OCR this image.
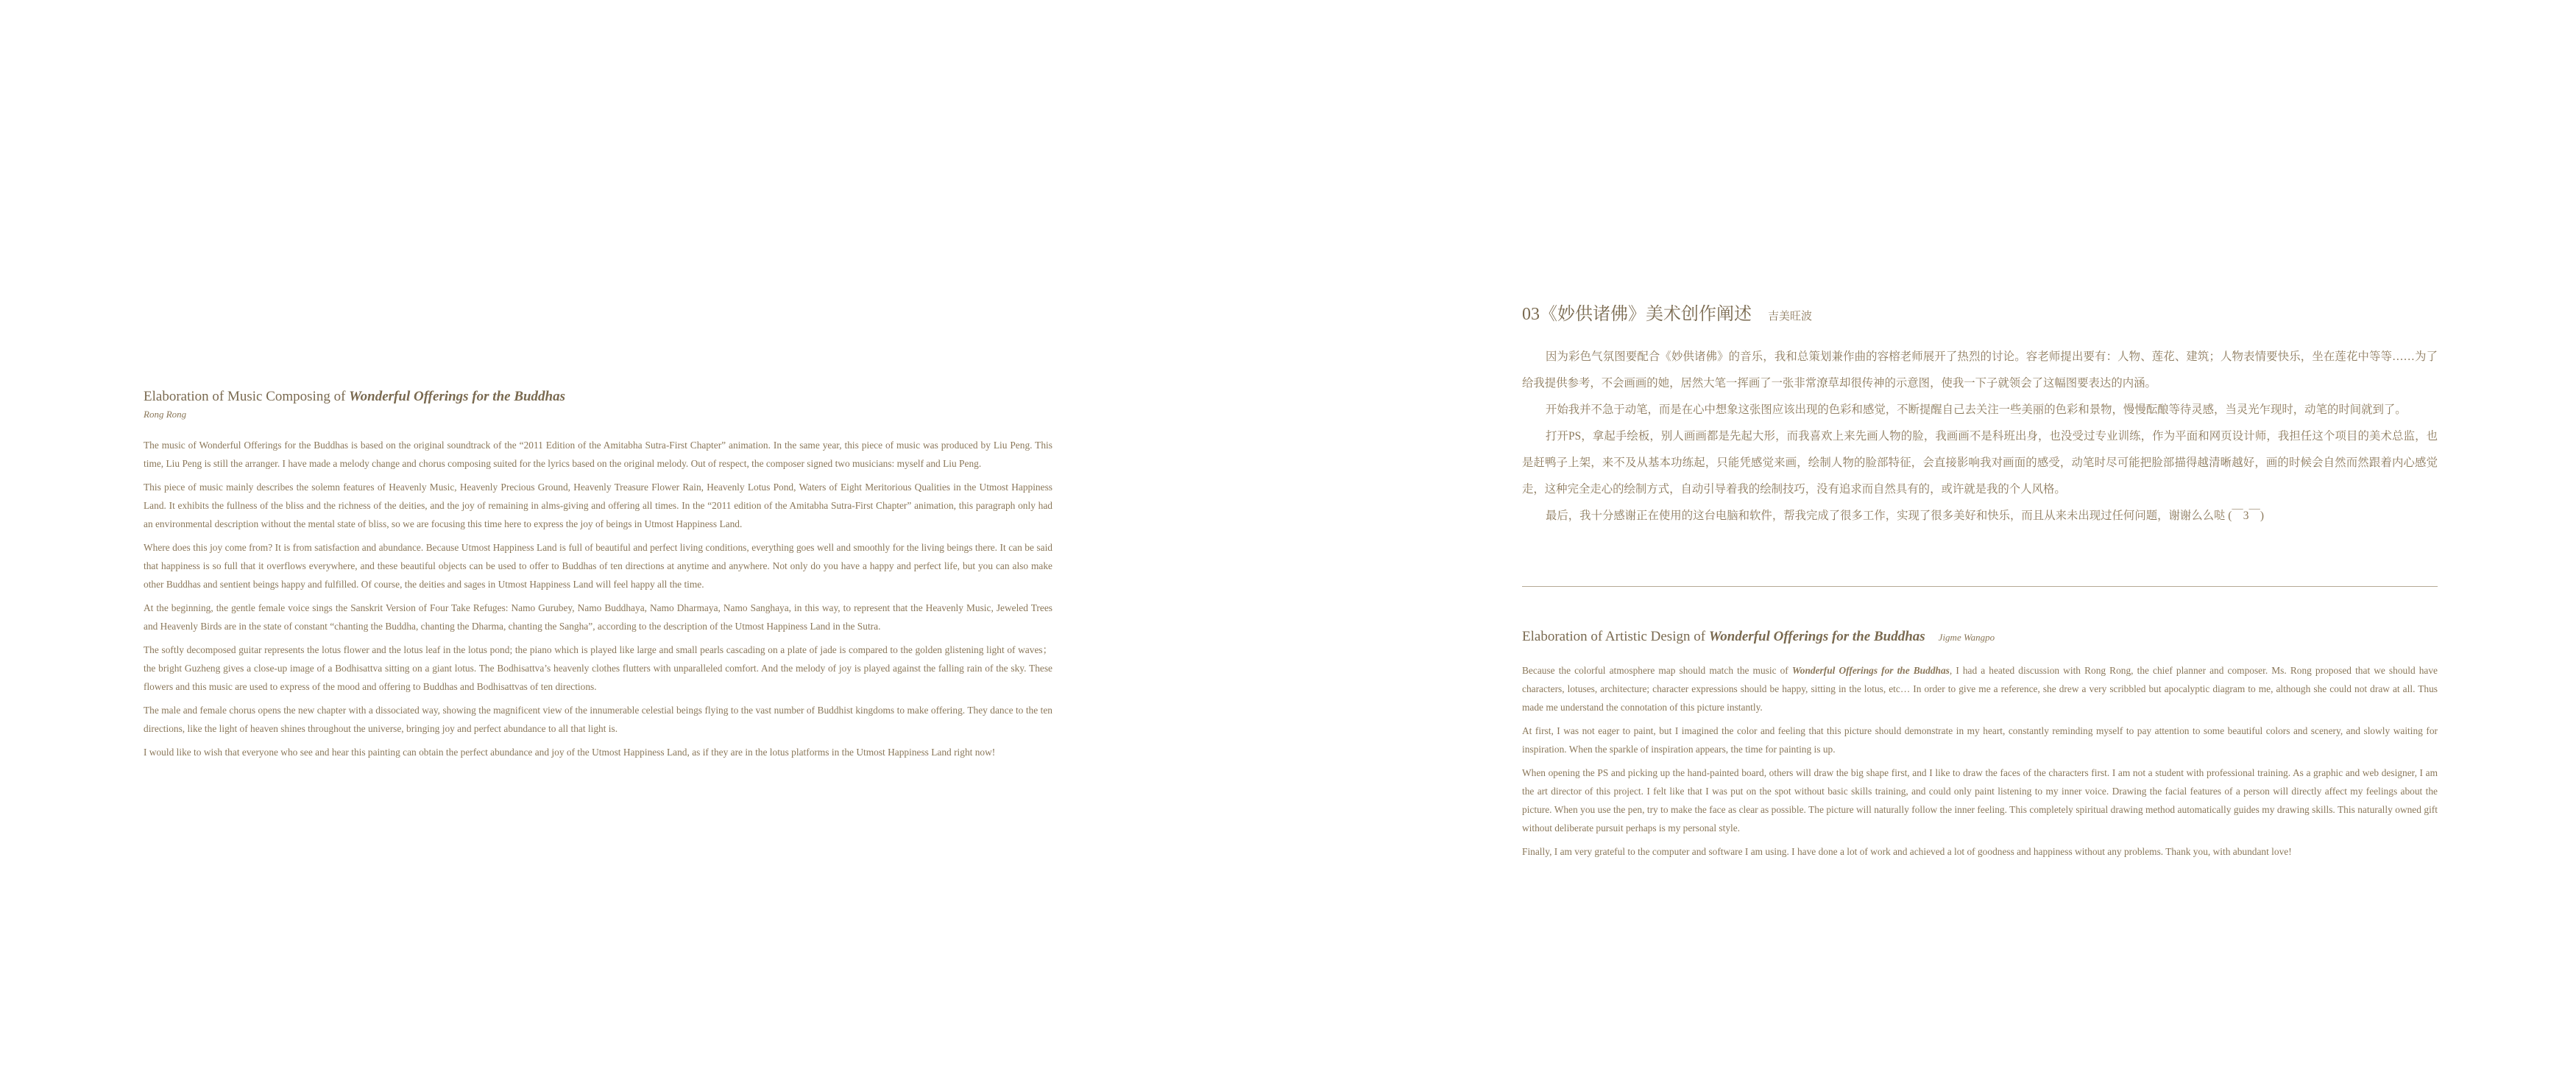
Elaboration of Music Composing of Wonderful Offerings for the Buddhas
Rong Rong

The music of Wonderful Offerings for the Buddhas is based on the original soundtrack of the “2011 Edition of the Amitabha Sutra-First Chapter” animation. In the same year, this piece of music was produced by Liu Peng. This time, Liu Peng is still the arranger. I have made a melody change and chorus composing suited for the lyrics based on the original melody. Out of respect, the composer signed two musicians: myself and Liu Peng.

This piece of music mainly describes the solemn features of Heavenly Music, Heavenly Precious Ground, Heavenly Treasure Flower Rain, Heavenly Lotus Pond, Waters of Eight Meritorious Qualities in the Utmost Happiness Land. It exhibits the fullness of the bliss and the richness of the deities, and the joy of remaining in alms-giving and offering all times. In the “2011 edition of the Amitabha Sutra-First Chapter” animation, this paragraph only had an environmental description without the mental state of bliss, so we are focusing this time here to express the joy of beings in Utmost Happiness Land.

Where does this joy come from? It is from satisfaction and abundance. Because Utmost Happiness Land is full of beautiful and perfect living conditions, everything goes well and smoothly for the living beings there. It can be said that happiness is so full that it overflows everywhere, and these beautiful objects can be used to offer to Buddhas of ten directions at anytime and anywhere. Not only do you have a happy and perfect life, but you can also make other Buddhas and sentient beings happy and fulfilled. Of course, the deities and sages in Utmost Happiness Land will feel happy all the time.

At the beginning, the gentle female voice sings the Sanskrit Version of Four Take Refuges: Namo Gurubey, Namo Buddhaya, Namo Dharmaya, Namo Sanghaya, in this way, to represent that the Heavenly Music, Jeweled Trees and Heavenly Birds are in the state of constant “chanting the Buddha, chanting the Dharma, chanting the Sangha”, according to the description of the Utmost Happiness Land in the Sutra.

The softly decomposed guitar represents the lotus flower and the lotus leaf in the lotus pond; the piano which is played like large and small pearls cascading on a plate of jade is compared to the golden glistening light of waves； the bright Guzheng gives a close-up image of a Bodhisattva sitting on a giant lotus. The Bodhisattva’s heavenly clothes flutters with unparalleled comfort. And the melody of joy is played against the falling rain of the sky. These flowers and this music are used to express of the mood and offering to Buddhas and Bodhisattvas of ten directions.

The male and female chorus opens the new chapter with a dissociated way, showing the magnificent view of the innumerable celestial beings flying to the vast number of Buddhist kingdoms to make offering. They dance to the ten directions, like the light of heaven shines throughout the universe, bringing joy and perfect abundance to all that light is.

I would like to wish that everyone who see and hear this painting can obtain the perfect abundance and joy of the Utmost Happiness Land, as if they are in the lotus platforms in the Utmost Happiness Land right now!

03《妙供诸佛》美术创作阐述 吉美旺波

因为彩色气氛图要配合《妙供诸佛》的音乐，我和总策划兼作曲的容榕老师展开了热烈的讨论。容老师提出要有：人物、莲花、建筑；人物表情要快乐，坐在莲花中等等……为了给我提供参考，不会画画的她，居然大笔一挥画了一张非常潦草却很传神的示意图，使我一下子就领会了这幅图要表达的内涵。

开始我并不急于动笔，而是在心中想象这张图应该出现的色彩和感觉，不断提醒自己去关注一些美丽的色彩和景物，慢慢酝酿等待灵感，当灵光乍现时，动笔的时间就到了。

打开PS，拿起手绘板，别人画画都是先起大形，而我喜欢上来先画人物的脸，我画画不是科班出身，也没受过专业训练，作为平面和网页设计师，我担任这个项目的美术总监，也是赶鸭子上架，来不及从基本功练起，只能凭感觉来画，绘制人物的脸部特征，会直接影响我对画面的感受，动笔时尽可能把脸部描得越清晰越好，画的时候会自然而然跟着内心感觉走，这种完全走心的绘制方式，自动引导着我的绘制技巧，没有追求而自然具有的，或许就是我的个人风格。

最后，我十分感谢正在使用的这台电脑和软件，帮我完成了很多工作，实现了很多美好和快乐，而且从来未出现过任何问题，谢谢么么哒 (￣3￣)

Elaboration of Artistic Design of Wonderful Offerings for the Buddhas Jigme Wangpo

Because the colorful atmosphere map should match the music of Wonderful Offerings for the Buddhas, I had a heated discussion with Rong Rong, the chief planner and composer. Ms. Rong proposed that we should have characters, lotuses, architecture; character expressions should be happy, sitting in the lotus, etc… In order to give me a reference, she drew a very scribbled but apocalyptic diagram to me, although she could not draw at all. Thus made me understand the connotation of this picture instantly.

At first, I was not eager to paint, but I imagined the color and feeling that this picture should demonstrate in my heart, constantly reminding myself to pay attention to some beautiful colors and scenery, and slowly waiting for inspiration. When the sparkle of inspiration appears, the time for painting is up.

When opening the PS and picking up the hand-painted board, others will draw the big shape first, and I like to draw the faces of the characters first. I am not a student with professional training. As a graphic and web designer, I am the art director of this project. I felt like that I was put on the spot without basic skills training, and could only paint listening to my inner voice. Drawing the facial features of a person will directly affect my feelings about the picture. When you use the pen, try to make the face as clear as possible. The picture will naturally follow the inner feeling. This completely spiritual drawing method automatically guides my drawing skills. This naturally owned gift without deliberate pursuit perhaps is my personal style.

Finally, I am very grateful to the computer and software I am using. I have done a lot of work and achieved a lot of goodness and happiness without any problems. Thank you, with abundant love!
